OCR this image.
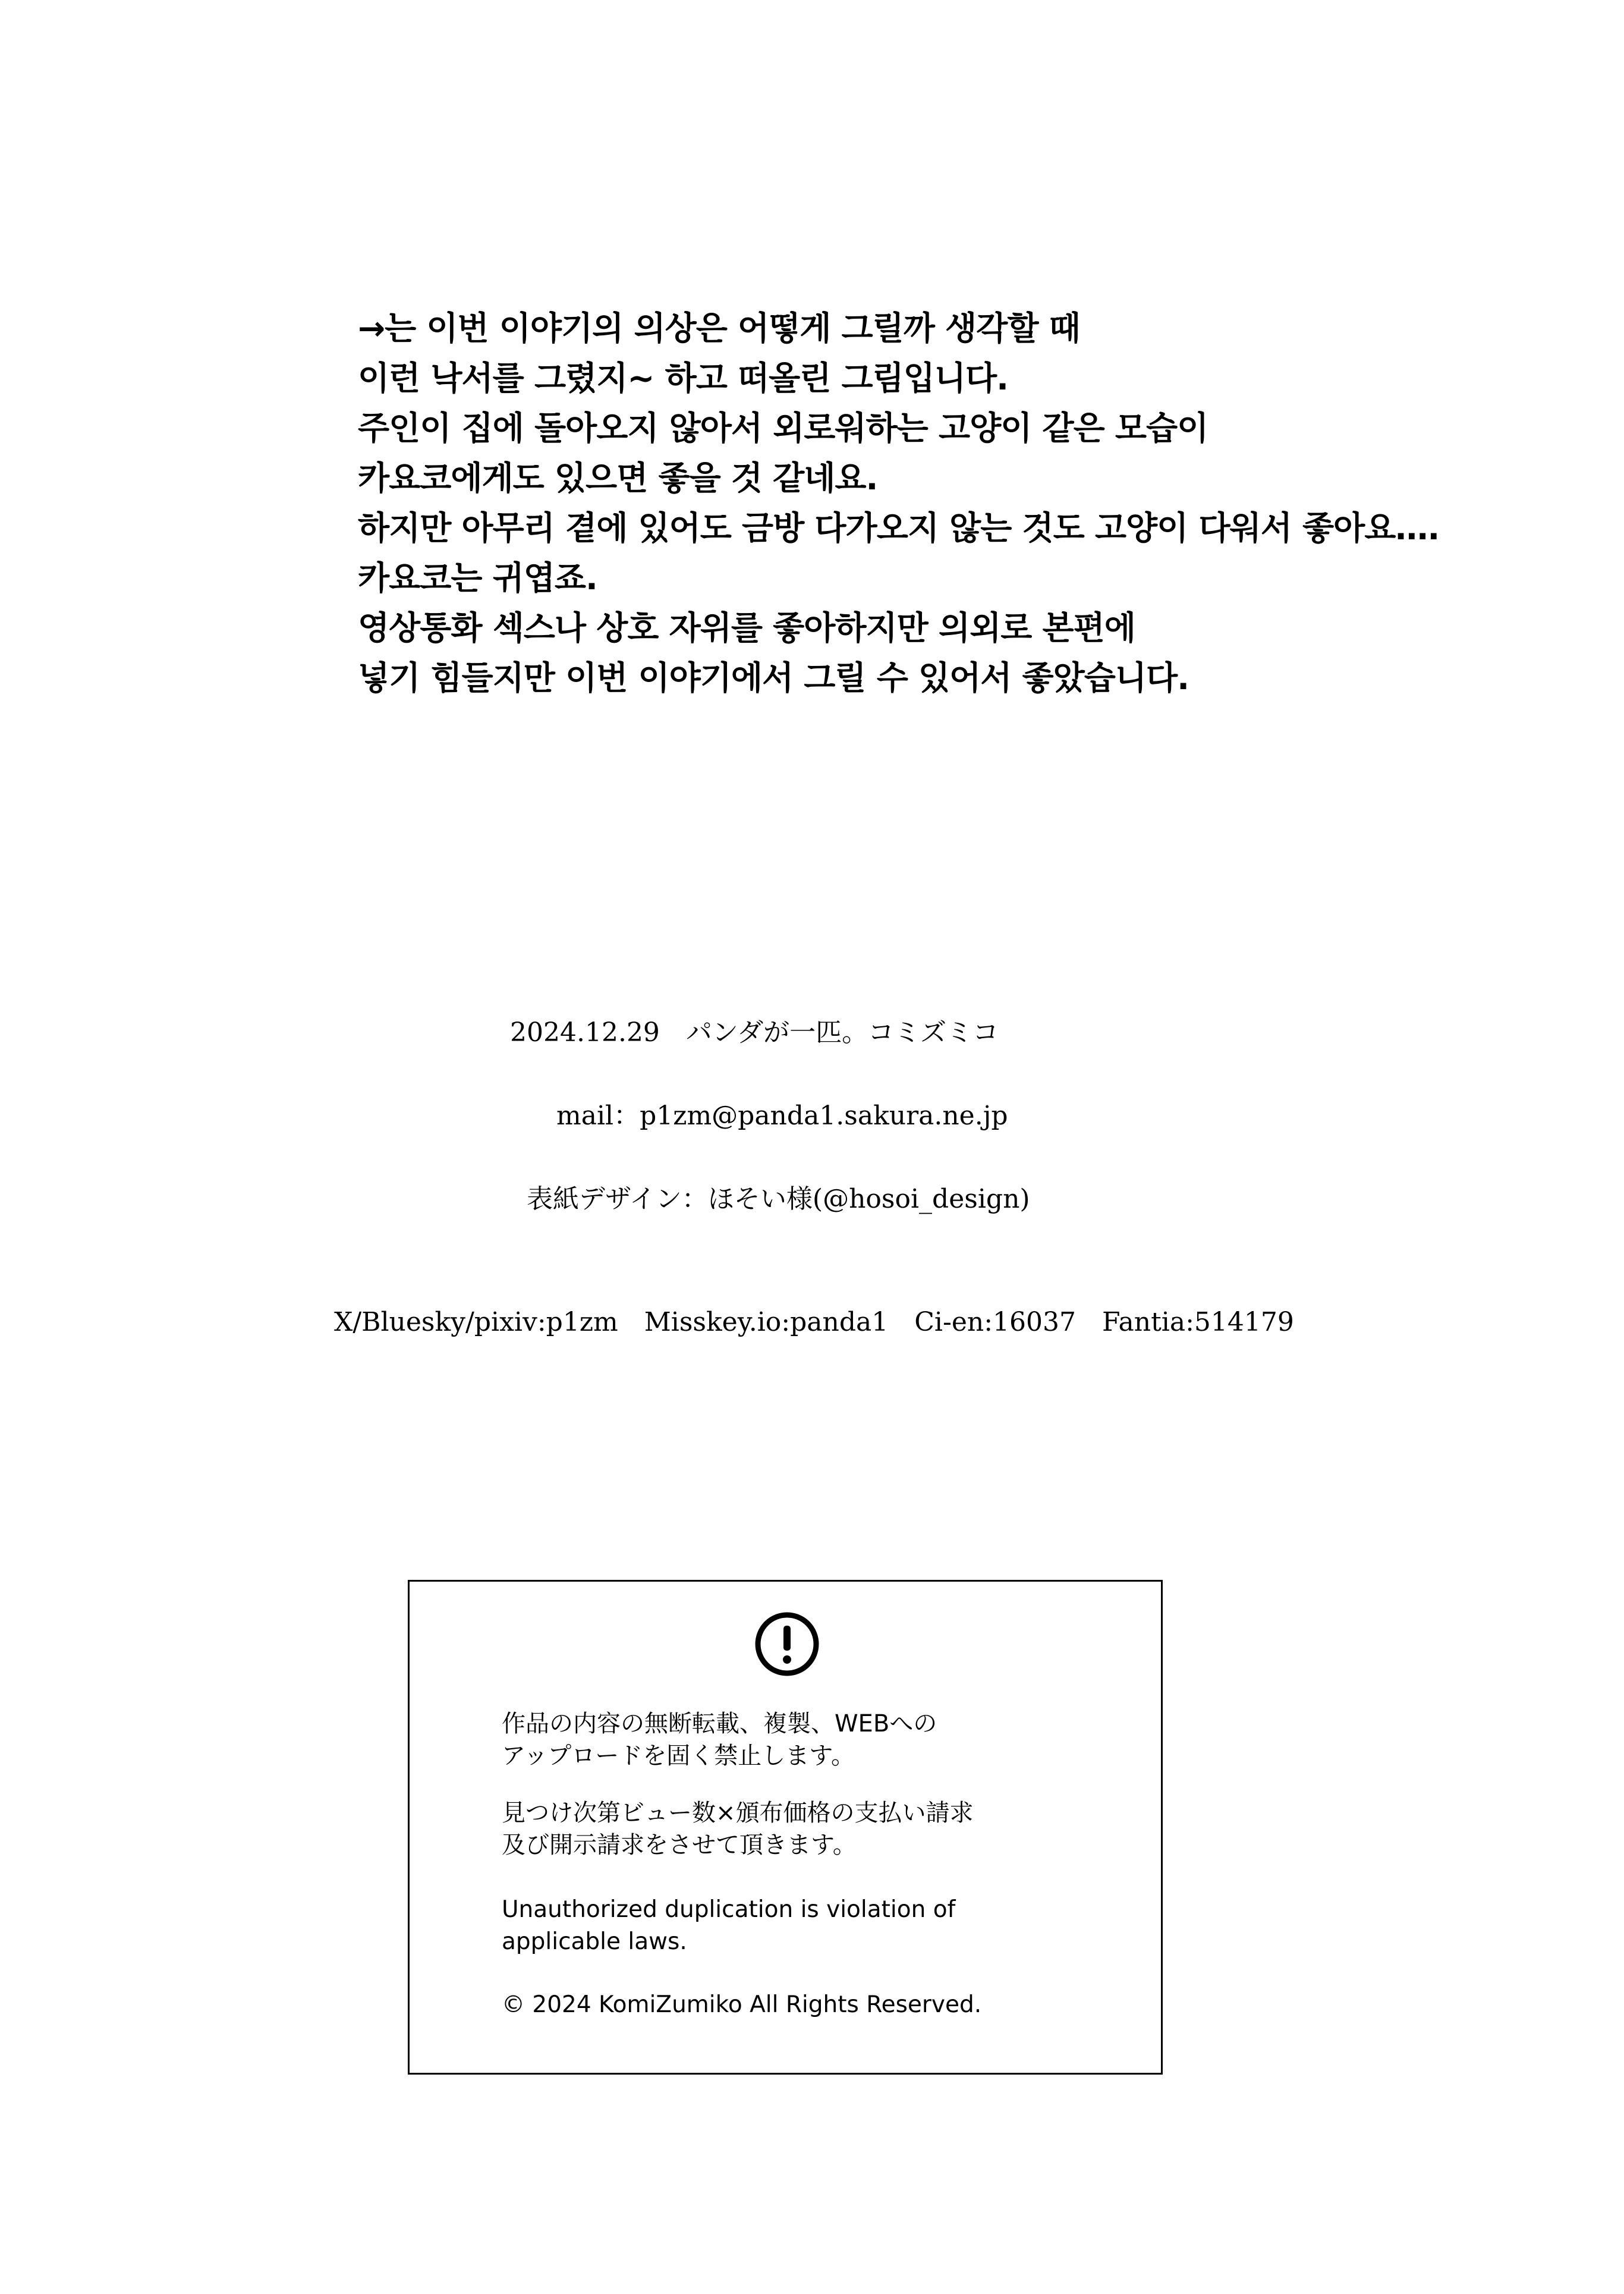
→는 이번 이야기의 의상은 어떻게 그릴까 생각할 때
이런 낙서를 그렸지~ 하고 떠올린 그림입니다.
주인이 집에 돌아오지 않아서 외로워하는 고양이 같은 모습이
카요코에게도 있으면 좋을 것 같네요.
하지만 아무리 곁에 있어도 금방 다가오지 않는 것도 고양이 다워서 좋아요….
카요코는 귀엽죠.
영상통화 섹스나 상호 자위를 좋아하지만 의외로 본편에
넣기 힘들지만 이번 이야기에서 그릴 수 있어서 좋았습니다.
2024.12.29　パンダが一匹。コミズミコ
mail：p1zm@panda1.sakura.ne.jp
表紙デザイン：ほそい様(@hosoi_design)
X/Bluesky/pixiv:p1zm　Misskey.io:panda1　Ci-en:16037　Fantia:514179
作品の内容の無断転載、複製、WEBへの
アップロードを固く禁止します。
見つけ次第ビュー数×頒布価格の支払い請求
及び開示請求をさせて頂きます。
Unauthorized duplication is violation of
applicable laws.
© 2024 KomiZumiko All Rights Reserved.
